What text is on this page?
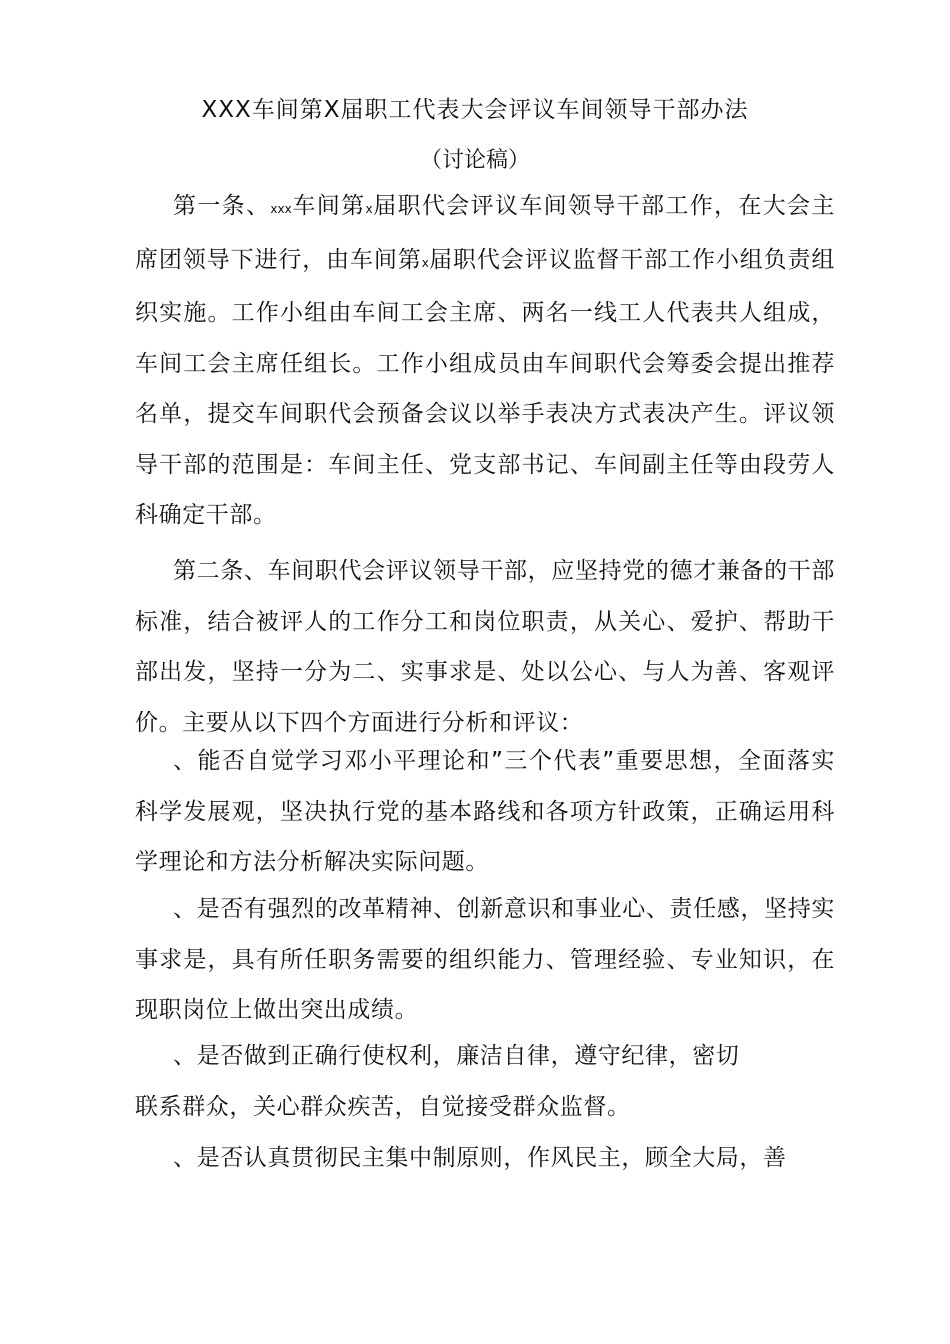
XXX车间第X届职工代表大会评议车间领导干部办法
（讨论稿）

第一条、xxx车间第x届职代会评议车间领导干部工作，在大会主席团领导下进行，由车间第x届职代会评议监督干部工作小组负责组织实施。工作小组由车间工会主席、两名一线工人代表共人组成，车间工会主席任组长。工作小组成员由车间职代会筹委会提出推荐名单，提交车间职代会预备会议以举手表决方式表决产生。评议领导干部的范围是：车间主任、党支部书记、车间副主任等由段劳人科确定干部。

第二条、车间职代会评议领导干部，应坚持党的德才兼备的干部标准，结合被评人的工作分工和岗位职责，从关心、爱护、帮助干部出发，坚持一分为二、实事求是、处以公心、与人为善、客观评价。主要从以下四个方面进行分析和评议：

、能否自觉学习邓小平理论和”三个代表”重要思想，全面落实科学发展观，坚决执行党的基本路线和各项方针政策，正确运用科学理论和方法分析解决实际问题。

、是否有强烈的改革精神、创新意识和事业心、责任感，坚持实事求是，具有所任职务需要的组织能力、管理经验、专业知识，在现职岗位上做出突出成绩。

、是否做到正确行使权利，廉洁自律，遵守纪律，密切
联系群众，关心群众疾苦，自觉接受群众监督。

、是否认真贯彻民主集中制原则，作风民主，顾全大局，善
